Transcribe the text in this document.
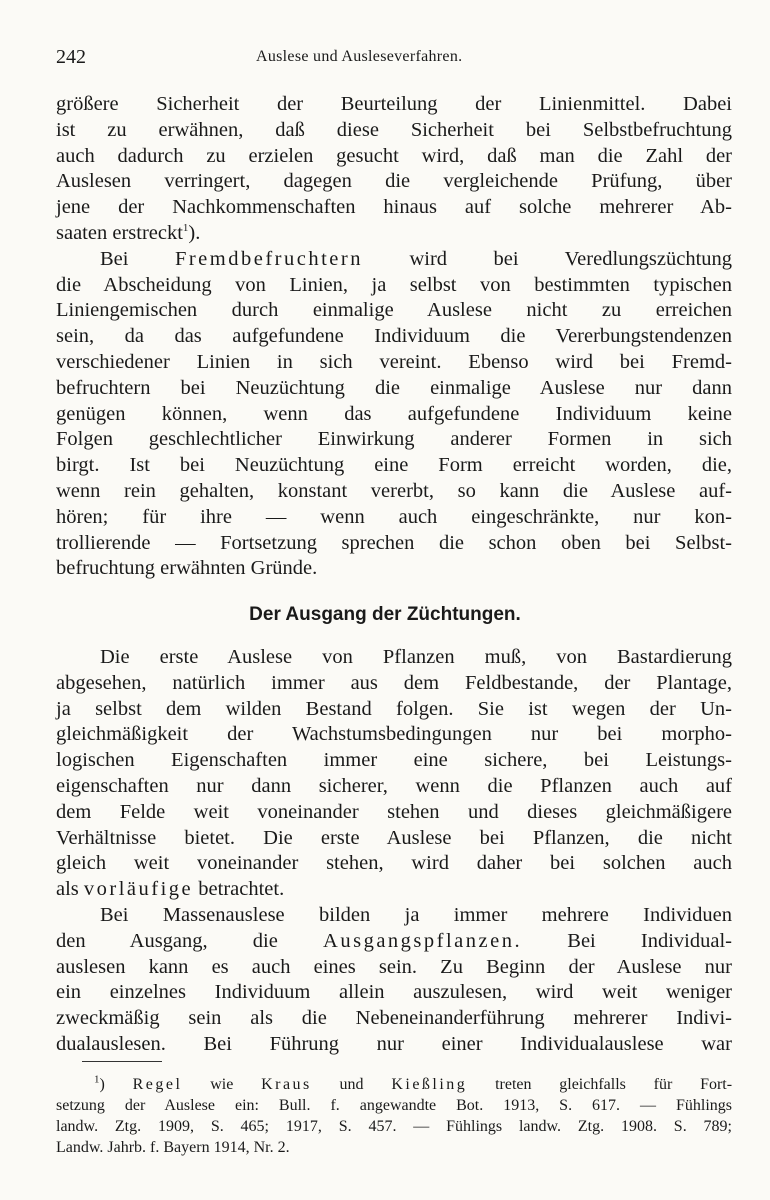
242	Auslese und Ausleseverfahren.
größere Sicherheit der Beurteilung der Linienmittel. Dabei
ist zu erwähnen, daß diese Sicherheit bei Selbstbefruchtung
auch dadurch zu erzielen gesucht wird, daß man die Zahl der
Auslesen verringert, dagegen die vergleichende Prüfung, über
jene der Nachkommenschaften hinaus auf solche mehrerer Ab-
saaten erstreckt$^1$).
Bei Fremdbefruchtern wird bei Veredlungszüchtung
die Abscheidung von Linien, ja selbst von bestimmten typischen
Liniengemischen durch einmalige Auslese nicht zu erreichen
sein, da das aufgefundene Individuum die Vererbungstendenzen
verschiedener Linien in sich vereint. Ebenso wird bei Fremd-
befruchtern bei Neuzüchtung die einmalige Auslese nur dann
genügen können, wenn das aufgefundene Individuum keine
Folgen geschlechtlicher Einwirkung anderer Formen in sich
birgt. Ist bei Neuzüchtung eine Form erreicht worden, die,
wenn rein gehalten, konstant vererbt, so kann die Auslese auf-
hören; für ihre — wenn auch eingeschränkte, nur kon-
trollierende — Fortsetzung sprechen die schon oben bei Selbst-
befruchtung erwähnten Gründe.
Der Ausgang der Züchtungen.
Die erste Auslese von Pflanzen muß, von Bastardierung
abgesehen, natürlich immer aus dem Feldbestande, der Plantage,
ja selbst dem wilden Bestand folgen. Sie ist wegen der Un-
gleichmäßigkeit der Wachstumsbedingungen nur bei morpho-
logischen Eigenschaften immer eine sichere, bei Leistungs-
eigenschaften nur dann sicherer, wenn die Pflanzen auch auf
dem Felde weit voneinander stehen und dieses gleichmäßigere
Verhältnisse bietet. Die erste Auslese bei Pflanzen, die nicht
gleich weit voneinander stehen, wird daher bei solchen auch
als vorläufige betrachtet.
Bei Massenauslese bilden ja immer mehrere Individuen
den Ausgang, die Ausgangspflanzen. Bei Individual-
auslesen kann es auch eines sein. Zu Beginn der Auslese nur
ein einzelnes Individuum allein auszulesen, wird weit weniger
zweckmäßig sein als die Nebeneinanderführung mehrerer Indivi-
dualauslesen. Bei Führung nur einer Individualauslese war
$^1$) Regel wie Kraus und Kießling treten gleichfalls für Fort-
setzung der Auslese ein: Bull. f. angewandte Bot. 1913, S. 617. — Fühlings
landw. Ztg. 1909, S. 465; 1917, S. 457. — Fühlings landw. Ztg. 1908. S. 789;
Landw. Jahrb. f. Bayern 1914, Nr. 2.
